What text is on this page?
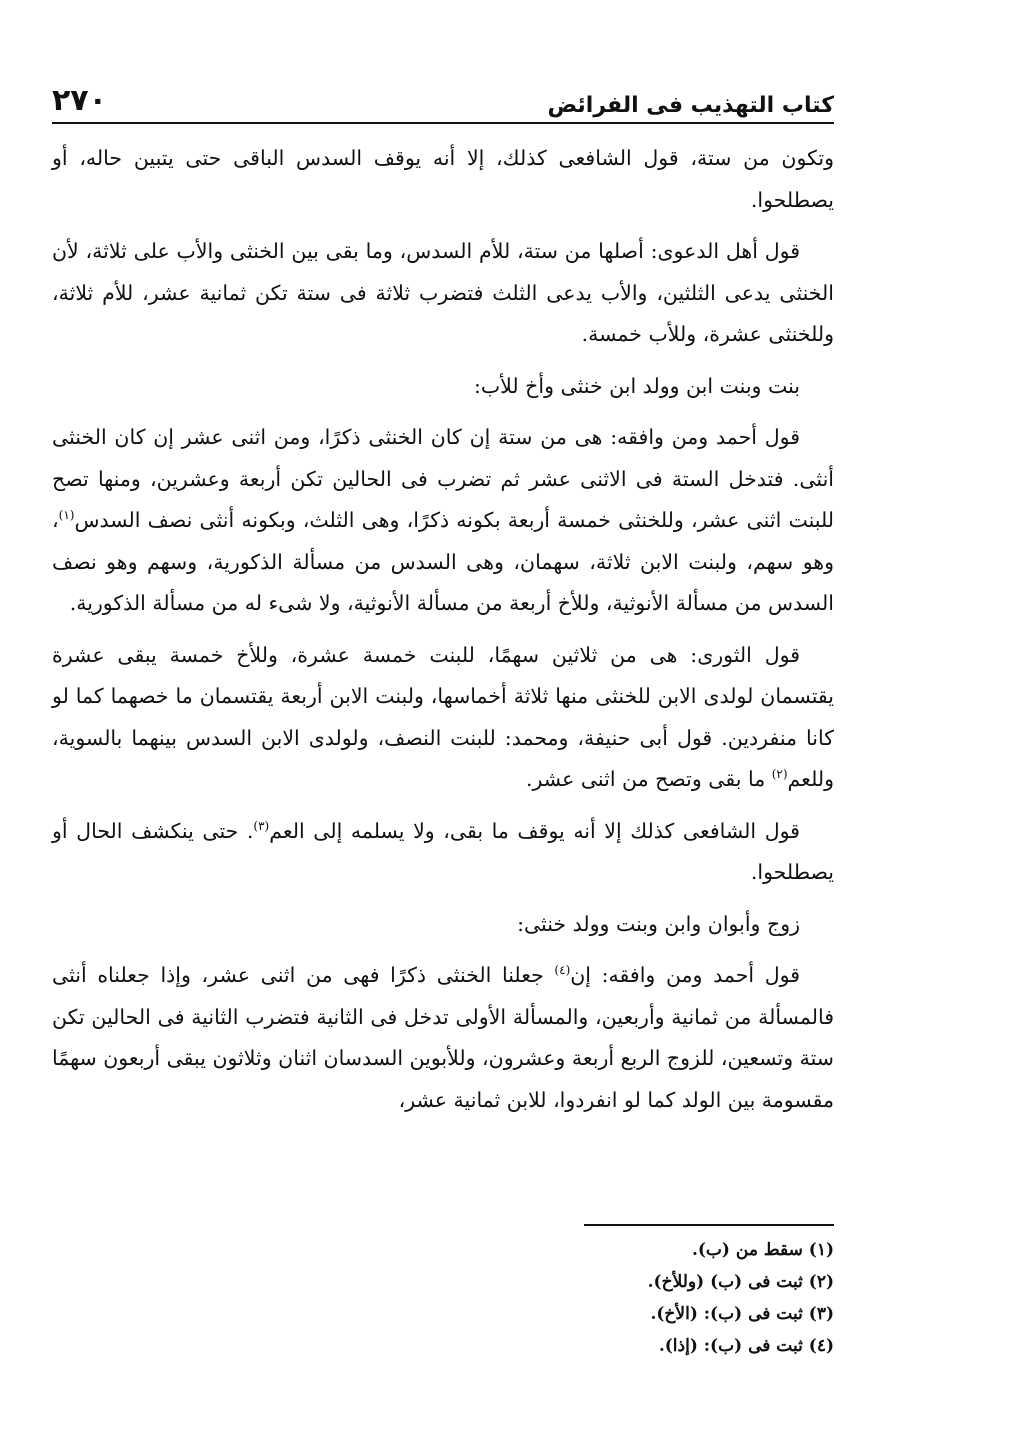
كتاب التهذيب فى الفرائض
٢٧٠

وتكون من ستة، قول الشافعى كذلك، إلا أنه يوقف السدس الباقى حتى يتبين حاله، أو يصطلحوا.

قول أهل الدعوى: أصلها من ستة، للأم السدس، وما بقى بين الخنثى والأب على ثلاثة، لأن الخنثى يدعى الثلثين، والأب يدعى الثلث فتضرب ثلاثة فى ستة تكن ثمانية عشر، للأم ثلاثة، وللخنثى عشرة، وللأب خمسة.

بنت وبنت ابن وولد ابن خنثى وأخ للأب:

قول أحمد ومن وافقه: هى من ستة إن كان الخنثى ذكرًا، ومن اثنى عشر إن كان الخنثى أنثى. فتدخل الستة فى الاثنى عشر ثم تضرب فى الحالين تكن أربعة وعشرين، ومنها تصح للبنت اثنى عشر، وللخنثى خمسة أربعة بكونه ذكرًا، وهى الثلث، وبكونه أنثى نصف السدس$^{(١)}$، وهو سهم، ولبنت الابن ثلاثة، سهمان، وهى السدس من مسألة الذكورية، وسهم وهو نصف السدس من مسألة الأنوثية، وللأخ أربعة من مسألة الأنوثية، ولا شىء له من مسألة الذكورية.

قول الثورى: هى من ثلاثين سهمًا، للبنت خمسة عشرة، وللأخ خمسة يبقى عشرة يقتسمان لولدى الابن للخنثى منها ثلاثة أخماسها، ولبنت الابن أربعة يقتسمان ما خصهما كما لو كانا منفردين. قول أبى حنيفة، ومحمد: للبنت النصف، ولولدى الابن السدس بينهما بالسوية، وللعم$^{(٢)}$ ما بقى وتصح من اثنى عشر.

قول الشافعى كذلك إلا أنه يوقف ما بقى، ولا يسلمه إلى العم$^{(٣)}$. حتى ينكشف الحال أو يصطلحوا.

زوج وأبوان وابن وبنت وولد خنثى:

قول أحمد ومن وافقه: إن$^{(٤)}$ جعلنا الخنثى ذكرًا فهى من اثنى عشر، وإذا جعلناه أنثى فالمسألة من ثمانية وأربعين، والمسألة الأولى تدخل فى الثانية فتضرب الثانية فى الحالين تكن ستة وتسعين، للزوج الربع أربعة وعشرون، وللأبوين السدسان اثنان وثلاثون يبقى أربعون سهمًا مقسومة بين الولد كما لو انفردوا، للابن ثمانية عشر،

(١) سقط من (ب).
(٢) ثبت فى (ب) (وللأخ).
(٣) ثبت فى (ب): (الأخ).
(٤) ثبت فى (ب): (إذا).
